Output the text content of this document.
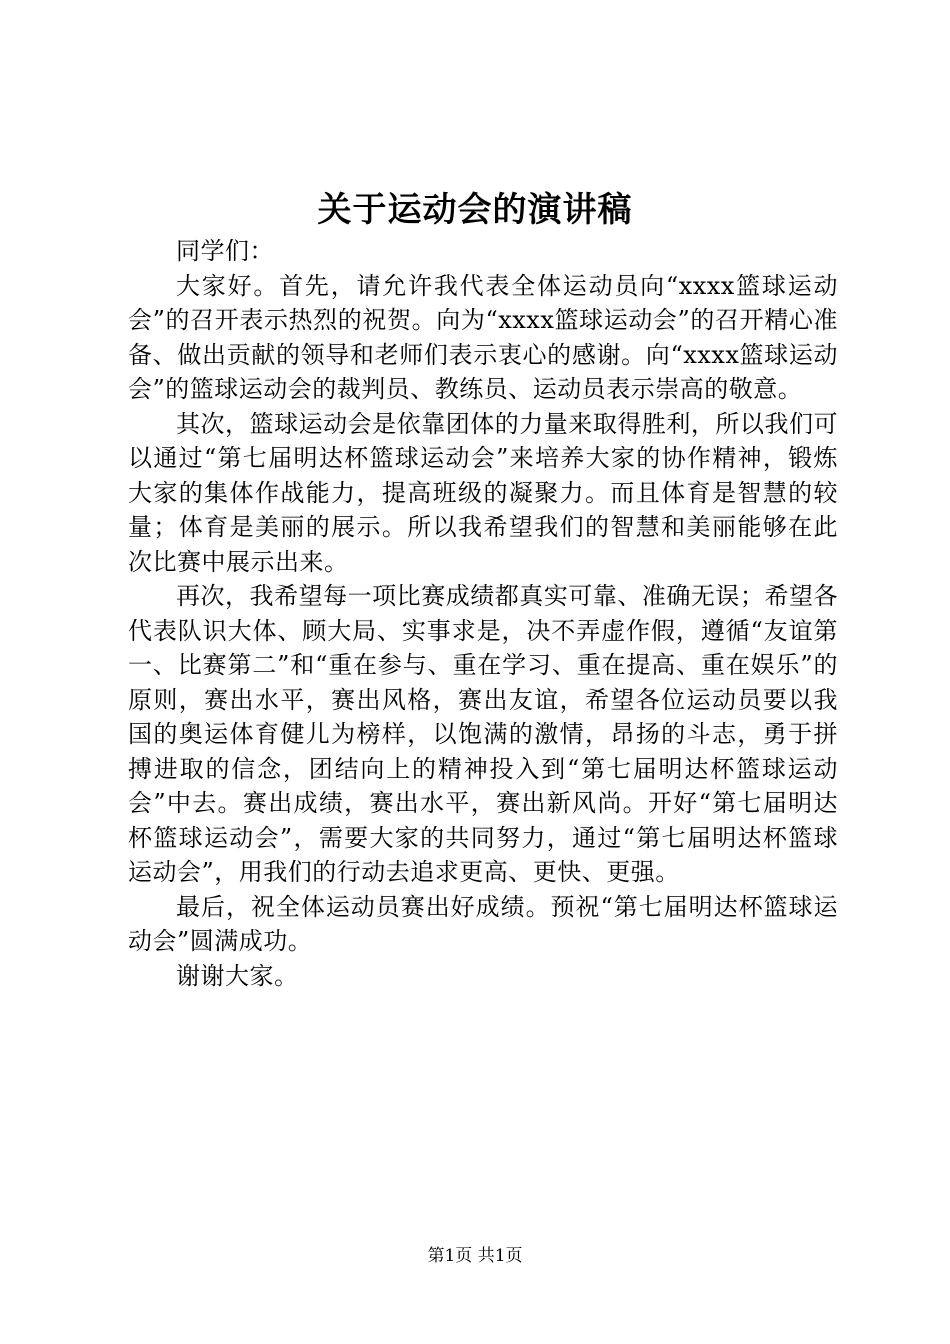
关于运动会的演讲稿

同学们：

大家好。首先，请允许我代表全体运动员向“xxxx篮球运动会”的召开表示热烈的祝贺。向为“xxxx篮球运动会”的召开精心准备、做出贡献的领导和老师们表示衷心的感谢。向“xxxx篮球运动会”的篮球运动会的裁判员、教练员、运动员表示崇高的敬意。

其次，篮球运动会是依靠团体的力量来取得胜利，所以我们可以通过“第七届明达杯篮球运动会”来培养大家的协作精神，锻炼大家的集体作战能力，提高班级的凝聚力。而且体育是智慧的较量；体育是美丽的展示。所以我希望我们的智慧和美丽能够在此次比赛中展示出来。

再次，我希望每一项比赛成绩都真实可靠、准确无误；希望各代表队识大体、顾大局、实事求是，决不弄虚作假，遵循“友谊第一、比赛第二”和“重在参与、重在学习、重在提高、重在娱乐”的原则，赛出水平，赛出风格，赛出友谊，希望各位运动员要以我国的奥运体育健儿为榜样，以饱满的激情，昂扬的斗志，勇于拼搏进取的信念，团结向上的精神投入到“第七届明达杯篮球运动会”中去。赛出成绩，赛出水平，赛出新风尚。开好“第七届明达杯篮球运动会”，需要大家的共同努力，通过“第七届明达杯篮球运动会”，用我们的行动去追求更高、更快、更强。

最后，祝全体运动员赛出好成绩。预祝“第七届明达杯篮球运动会”圆满成功。

谢谢大家。

第1页 共1页
